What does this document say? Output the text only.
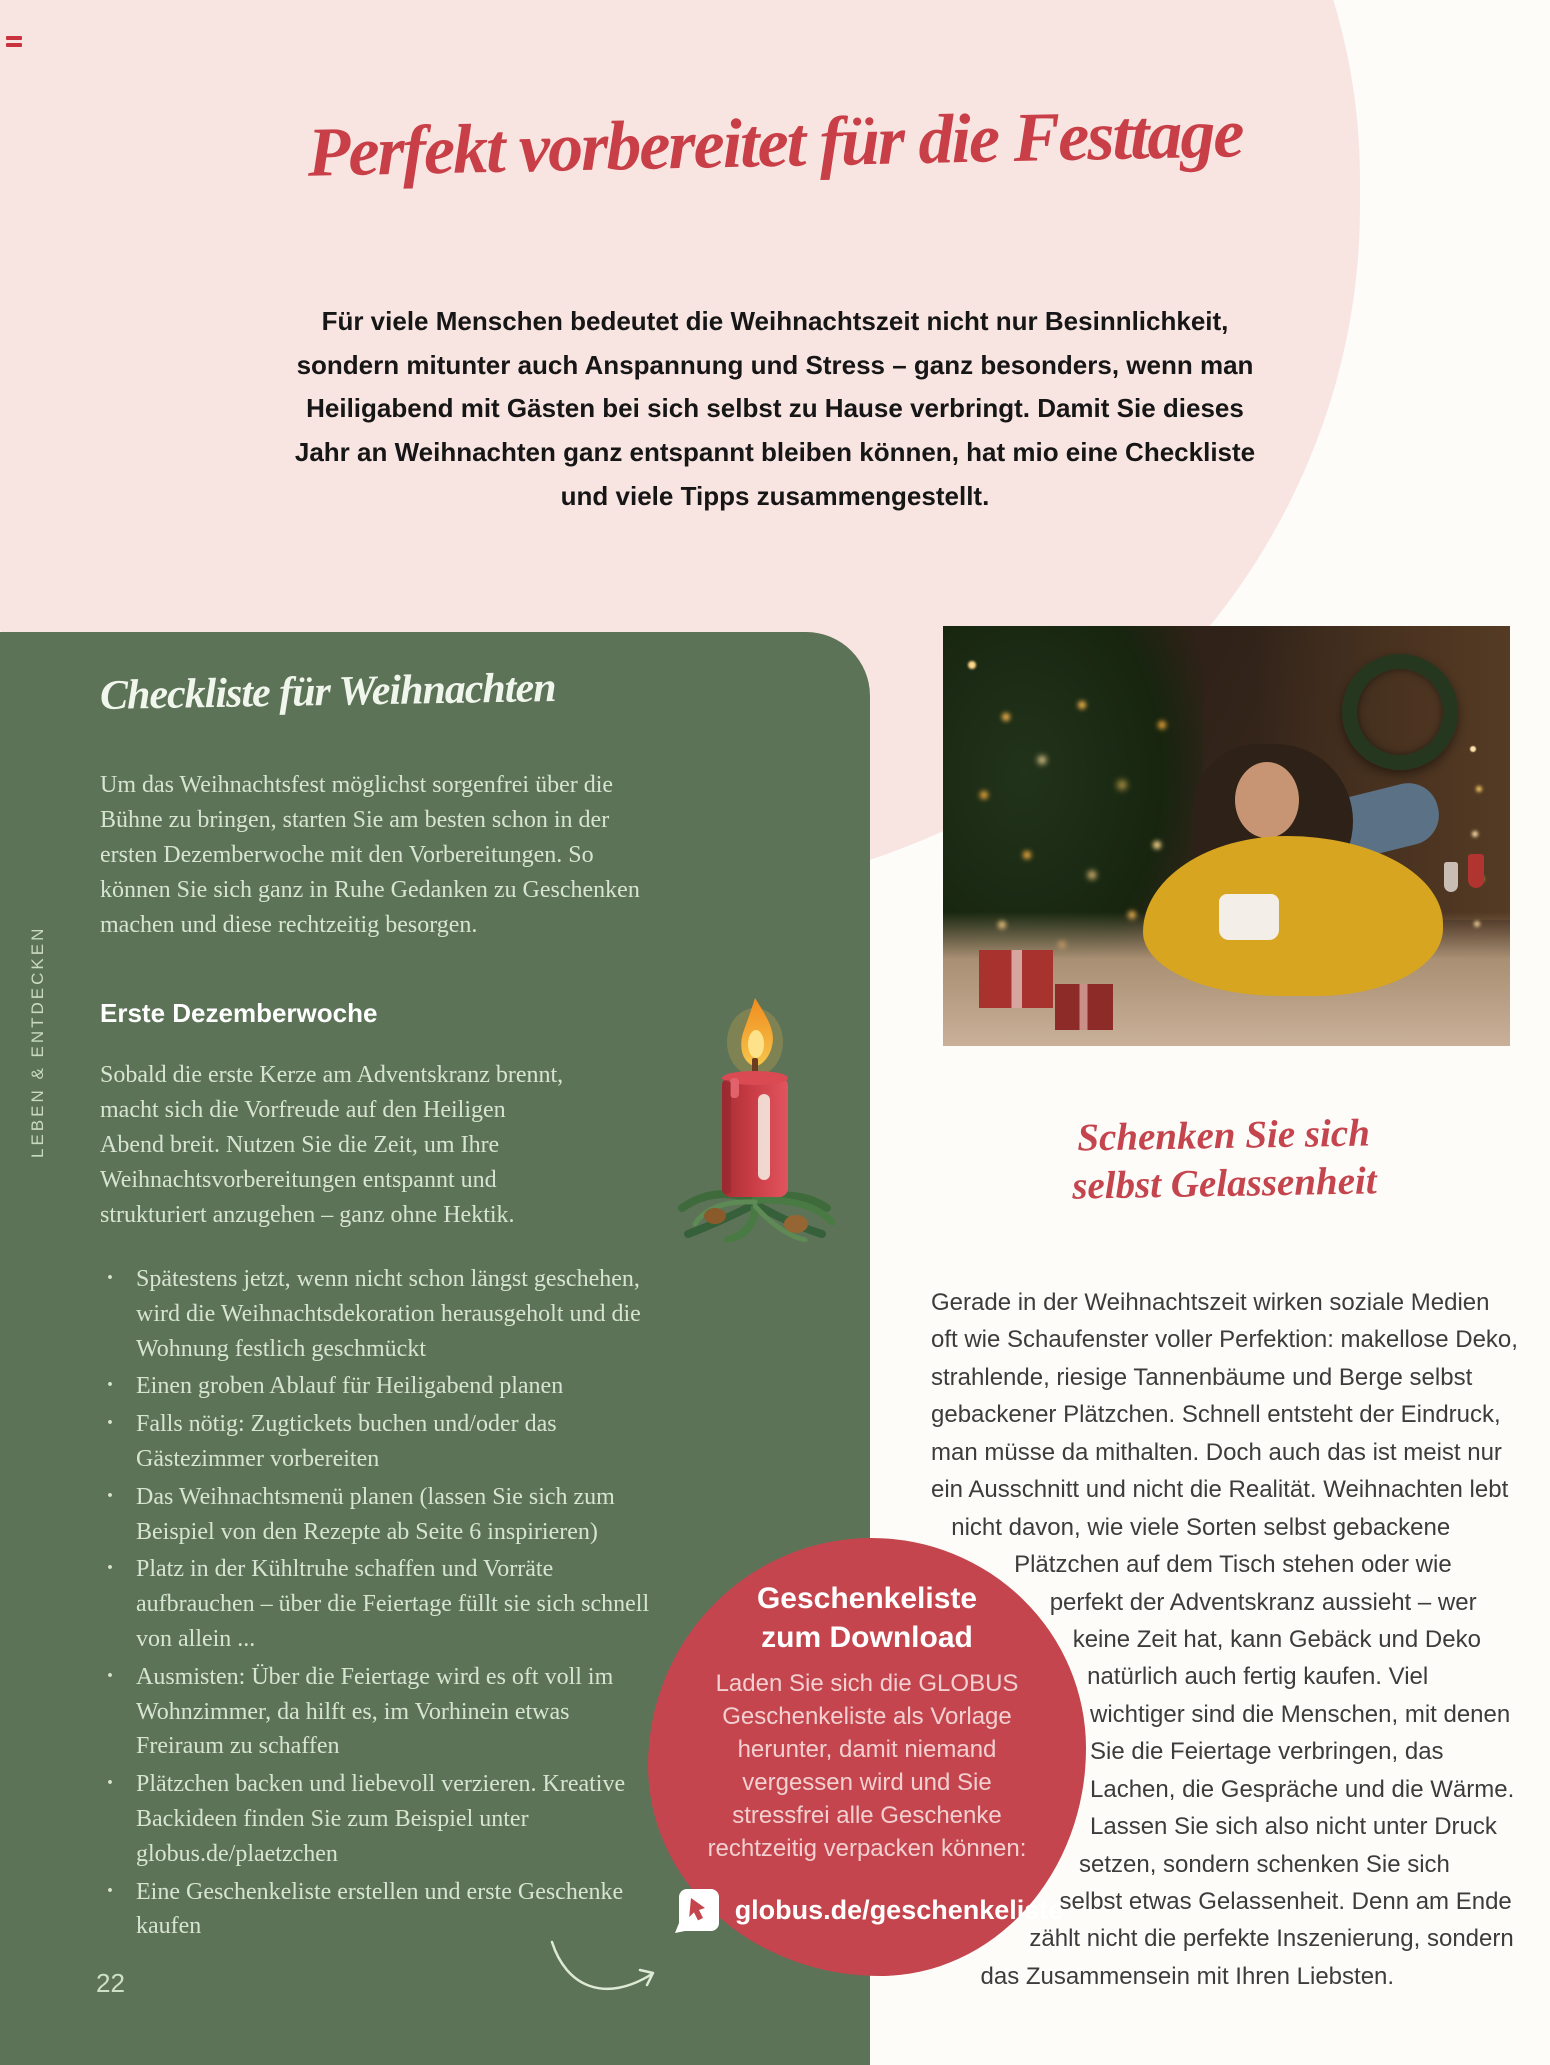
Perfekt vorbereitet für die Festtage
Für viele Menschen bedeutet die Weihnachtszeit nicht nur Besinnlichkeit, sondern mitunter auch Anspannung und Stress – ganz besonders, wenn man Heiligabend mit Gästen bei sich selbst zu Hause verbringt. Damit Sie dieses Jahr an Weihnachten ganz entspannt bleiben können, hat mio eine Checkliste und viele Tipps zusammengestellt.
LEBEN & ENTDECKEN
Checkliste für Weihnachten
Um das Weihnachtsfest möglichst sorgenfrei über die Bühne zu bringen, starten Sie am besten schon in der ersten Dezemberwoche mit den Vorbereitungen. So können Sie sich ganz in Ruhe Gedanken zu Geschenken machen und diese rechtzeitig besorgen.
Erste Dezemberwoche
Sobald die erste Kerze am Adventskranz brennt, macht sich die Vorfreude auf den Heiligen Abend breit. Nutzen Sie die Zeit, um Ihre Weihnachtsvorbereitungen entspannt und strukturiert anzugehen – ganz ohne Hektik.
· Spätestens jetzt, wenn nicht schon längst geschehen, wird die Weihnachtsdekoration herausgeholt und die Wohnung festlich geschmückt
· Einen groben Ablauf für Heiligabend planen
· Falls nötig: Zugtickets buchen und/oder das Gästezimmer vorbereiten
· Das Weihnachtsmenü planen (lassen Sie sich zum Beispiel von den Rezepte ab Seite 6 inspirieren)
· Platz in der Kühltruhe schaffen und Vorräte aufbrauchen – über die Feiertage füllt sie sich schnell von allein ...
· Ausmisten: Über die Feiertage wird es oft voll im Wohnzimmer, da hilft es, im Vorhinein etwas Freiraum zu schaffen
· Plätzchen backen und liebevoll verzieren. Kreative Backideen finden Sie zum Beispiel unter globus.de/plaetzchen
· Eine Geschenkeliste erstellen und erste Geschenke kaufen
Schenken Sie sich
selbst Gelassenheit
Gerade in der Weihnachtszeit wirken soziale Medien oft wie Schaufenster voller Perfektion: makellose Deko, strahlende, riesige Tannenbäume und Berge selbst gebackener Plätzchen. Schnell entsteht der Eindruck, man müsse da mithalten. Doch auch das ist meist nur ein Ausschnitt und nicht die Realität. Weihnachten lebt nicht davon, wie viele Sorten selbst gebackene Plätzchen auf dem Tisch stehen oder wie perfekt der Adventskranz aussieht – wer keine Zeit hat, kann Gebäck und Deko natürlich auch fertig kaufen. Viel wichtiger sind die Menschen, mit denen Sie die Feiertage verbringen, das Lachen, die Gespräche und die Wärme. Lassen Sie sich also nicht unter Druck setzen, sondern schenken Sie sich selbst etwas Gelassenheit. Denn am Ende zählt nicht die perfekte Inszenierung, sondern das Zusammensein mit Ihren Liebsten.
Geschenkeliste
zum Download
Laden Sie sich die GLOBUS Geschenkeliste als Vorlage herunter, damit niemand vergessen wird und Sie stressfrei alle Geschenke rechtzeitig verpacken können:
globus.de/geschenkeliste
22
